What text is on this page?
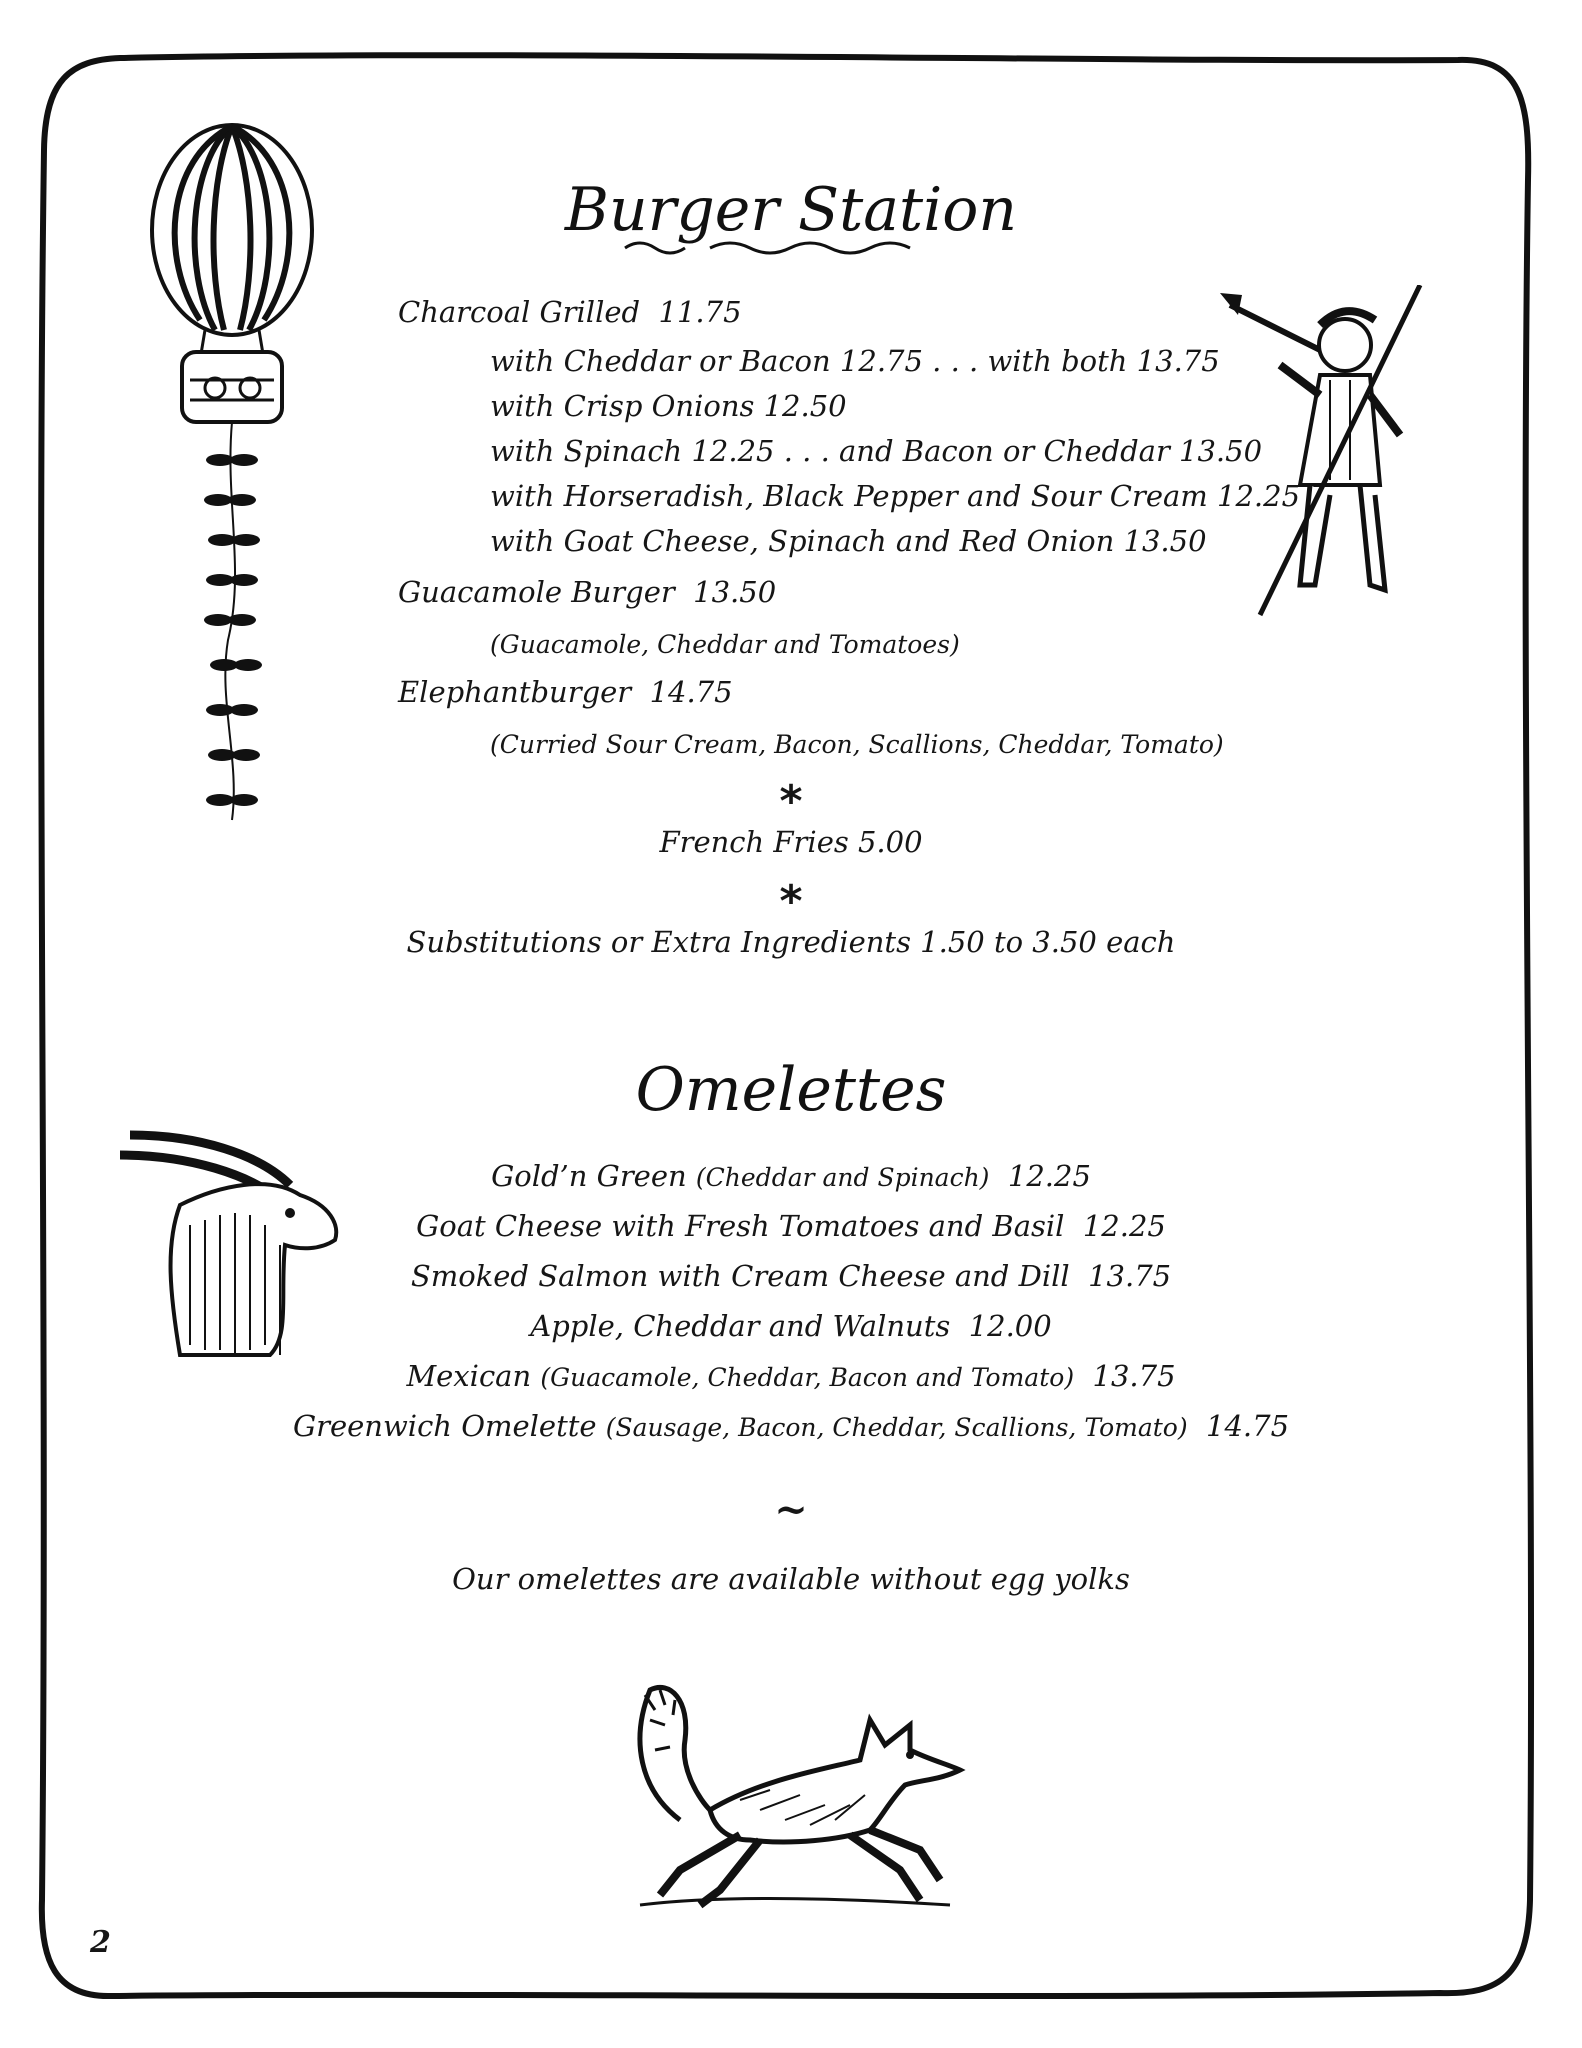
Burger Station
Charcoal Grilled 11.75
with Cheddar or Bacon 12.75 . . . with both 13.75
with Crisp Onions 12.50
with Spinach 12.25 . . . and Bacon or Cheddar 13.50
with Horseradish, Black Pepper and Sour Cream 12.25
with Goat Cheese, Spinach and Red Onion 13.50
Guacamole Burger 13.50
(Guacamole, Cheddar and Tomatoes)
Elephantburger 14.75
(Curried Sour Cream, Bacon, Scallions, Cheddar, Tomato)
*
French Fries 5.00
*
Substitutions or Extra Ingredients 1.50 to 3.50 each
Omelettes
Gold’n Green (Cheddar and Spinach) 12.25
Goat Cheese with Fresh Tomatoes and Basil 12.25
Smoked Salmon with Cream Cheese and Dill 13.75
Apple, Cheddar and Walnuts 12.00
Mexican (Guacamole, Cheddar, Bacon and Tomato) 13.75
Greenwich Omelette (Sausage, Bacon, Cheddar, Scallions, Tomato) 14.75
~
Our omelettes are available without egg yolks
2
